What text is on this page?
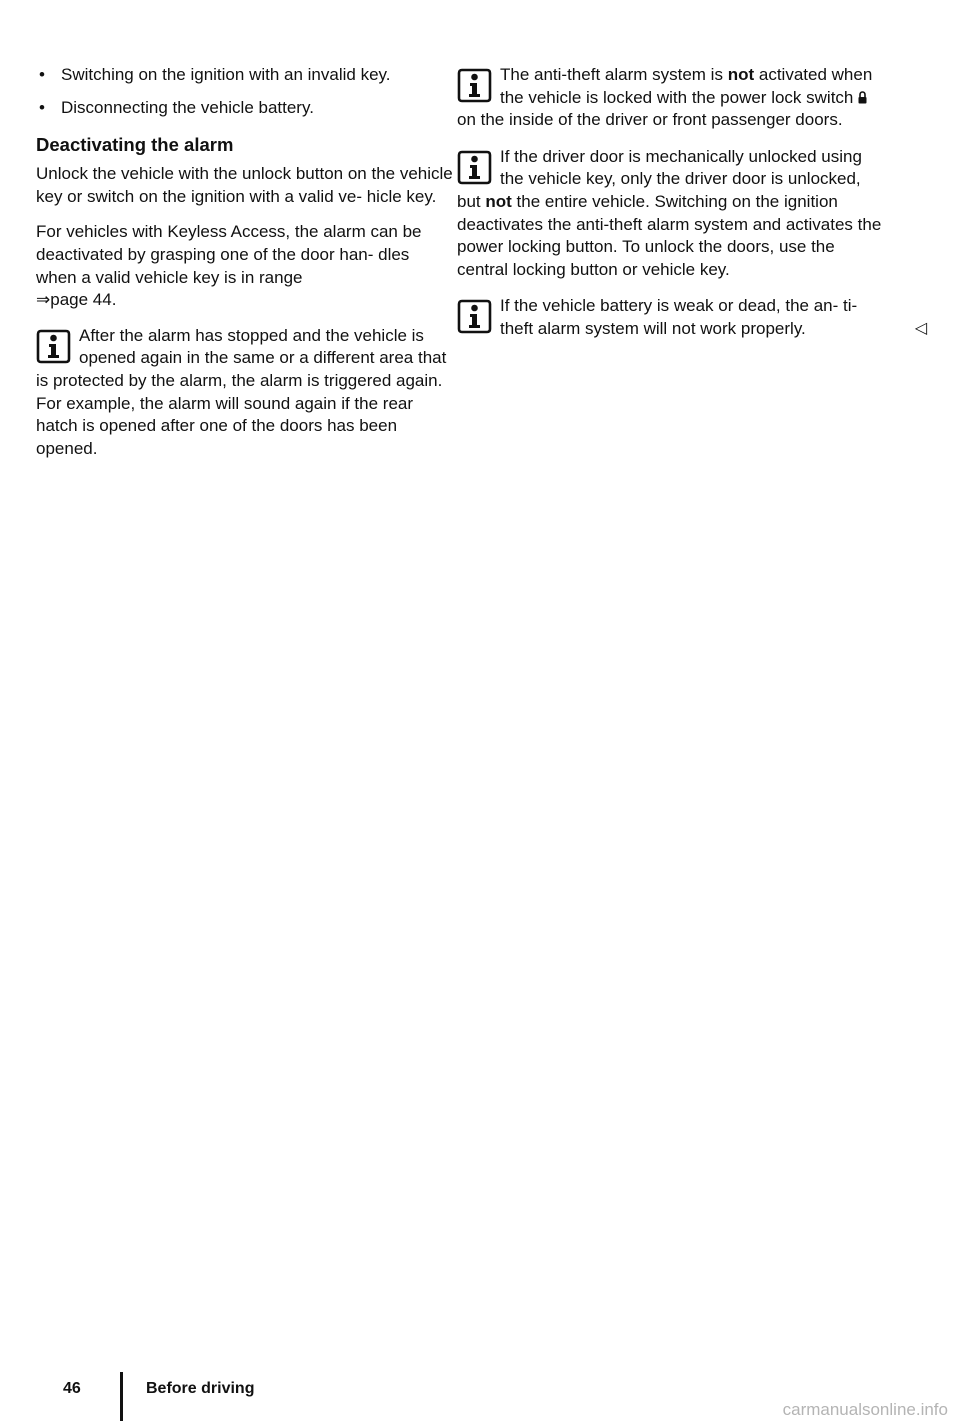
• Switching on the ignition with an invalid key.
• Disconnecting the vehicle battery.
Deactivating the alarm

Unlock the vehicle with the unlock button on the vehicle key or switch on the ignition with a valid ve- hicle key.

For vehicles with Keyless Access, the alarm can be deactivated by grasping one of the door han- dles when a valid vehicle key is in range
⇒page 44.

After the alarm has stopped and the vehicle is opened again in the same or a different area that is protected by the alarm, the alarm is triggered again. For example, the alarm will sound again if the rear hatch is opened after one of the doors has been opened.
The anti-theft alarm system is not activated when the vehicle is locked with the power lock switch  on the inside of the driver or front passenger doors.
If the driver door is mechanically unlocked using the vehicle key, only the driver door is unlocked, but not the entire vehicle. Switching on the ignition deactivates the anti-theft alarm system and activates the power locking button. To unlock the doors, use the central locking button or vehicle key.
If the vehicle battery is weak or dead, the an- ti-theft alarm system will not work properly.	◁
46	Before driving
carmanualsonline.info
